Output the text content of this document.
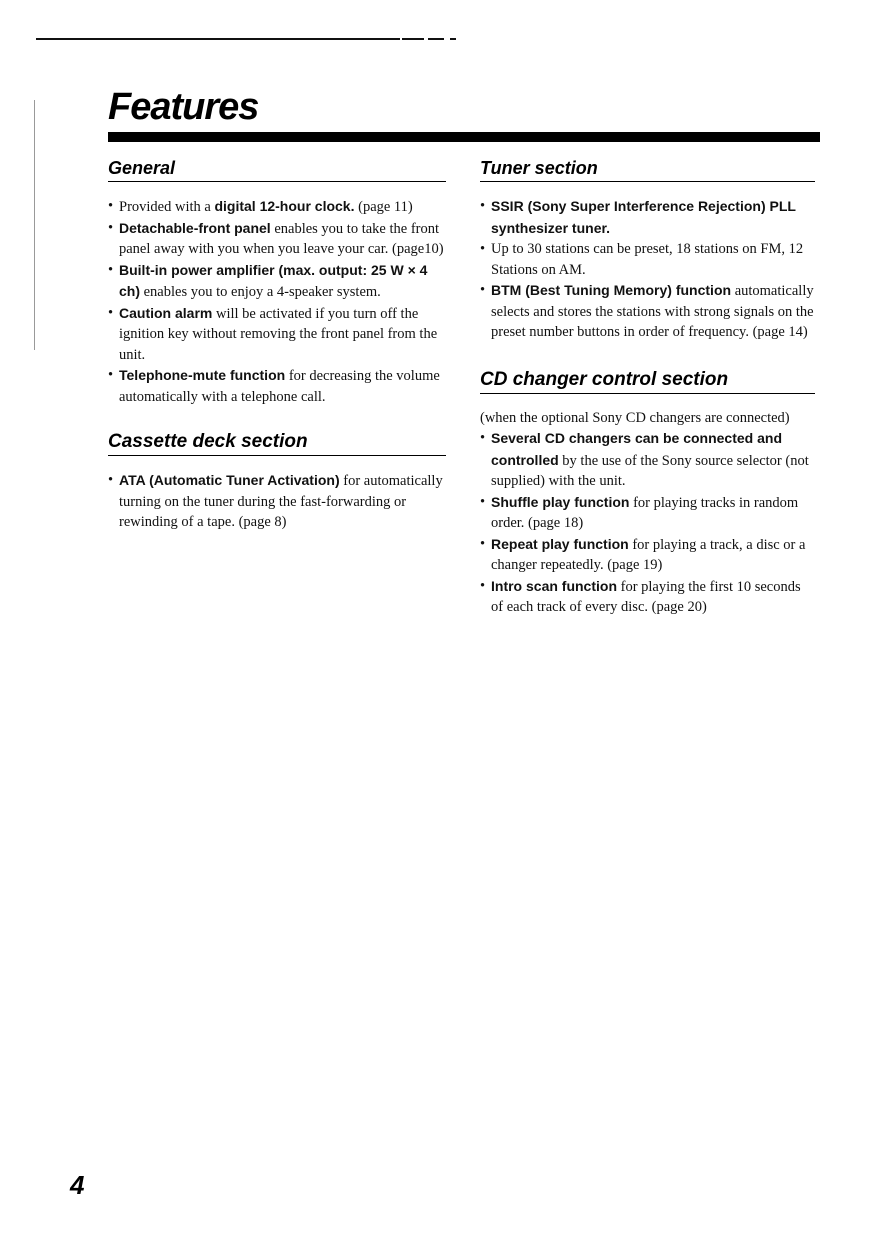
Features
General
• Provided with a digital 12-hour clock. (page 11)
• Detachable-front panel enables you to take the front panel away with you when you leave your car. (page10)
• Built-in power amplifier (max. output: 25 W × 4 ch) enables you to enjoy a 4-speaker system.
• Caution alarm will be activated if you turn off the ignition key without removing the front panel from the unit.
• Telephone-mute function for decreasing the volume automatically with a telephone call.
Cassette deck section
• ATA (Automatic Tuner Activation) for automatically turning on the tuner during the fast-forwarding or rewinding of a tape. (page 8)
Tuner section
• SSIR (Sony Super Interference Rejection) PLL synthesizer tuner.
• Up to 30 stations can be preset, 18 stations on FM, 12 Stations on AM.
• BTM (Best Tuning Memory) function automatically selects and stores the stations with strong signals on the preset number buttons in order of frequency. (page 14)
CD changer control section

(when the optional Sony CD changers are connected)

• Several CD changers can be connected and controlled by the use of the Sony source selector (not supplied) with the unit.
• Shuffle play function for playing tracks in random order. (page 18)
• Repeat play function for playing a track, a disc or a changer repeatedly. (page 19)
• Intro scan function for playing the first 10 seconds of each track of every disc. (page 20)
4
